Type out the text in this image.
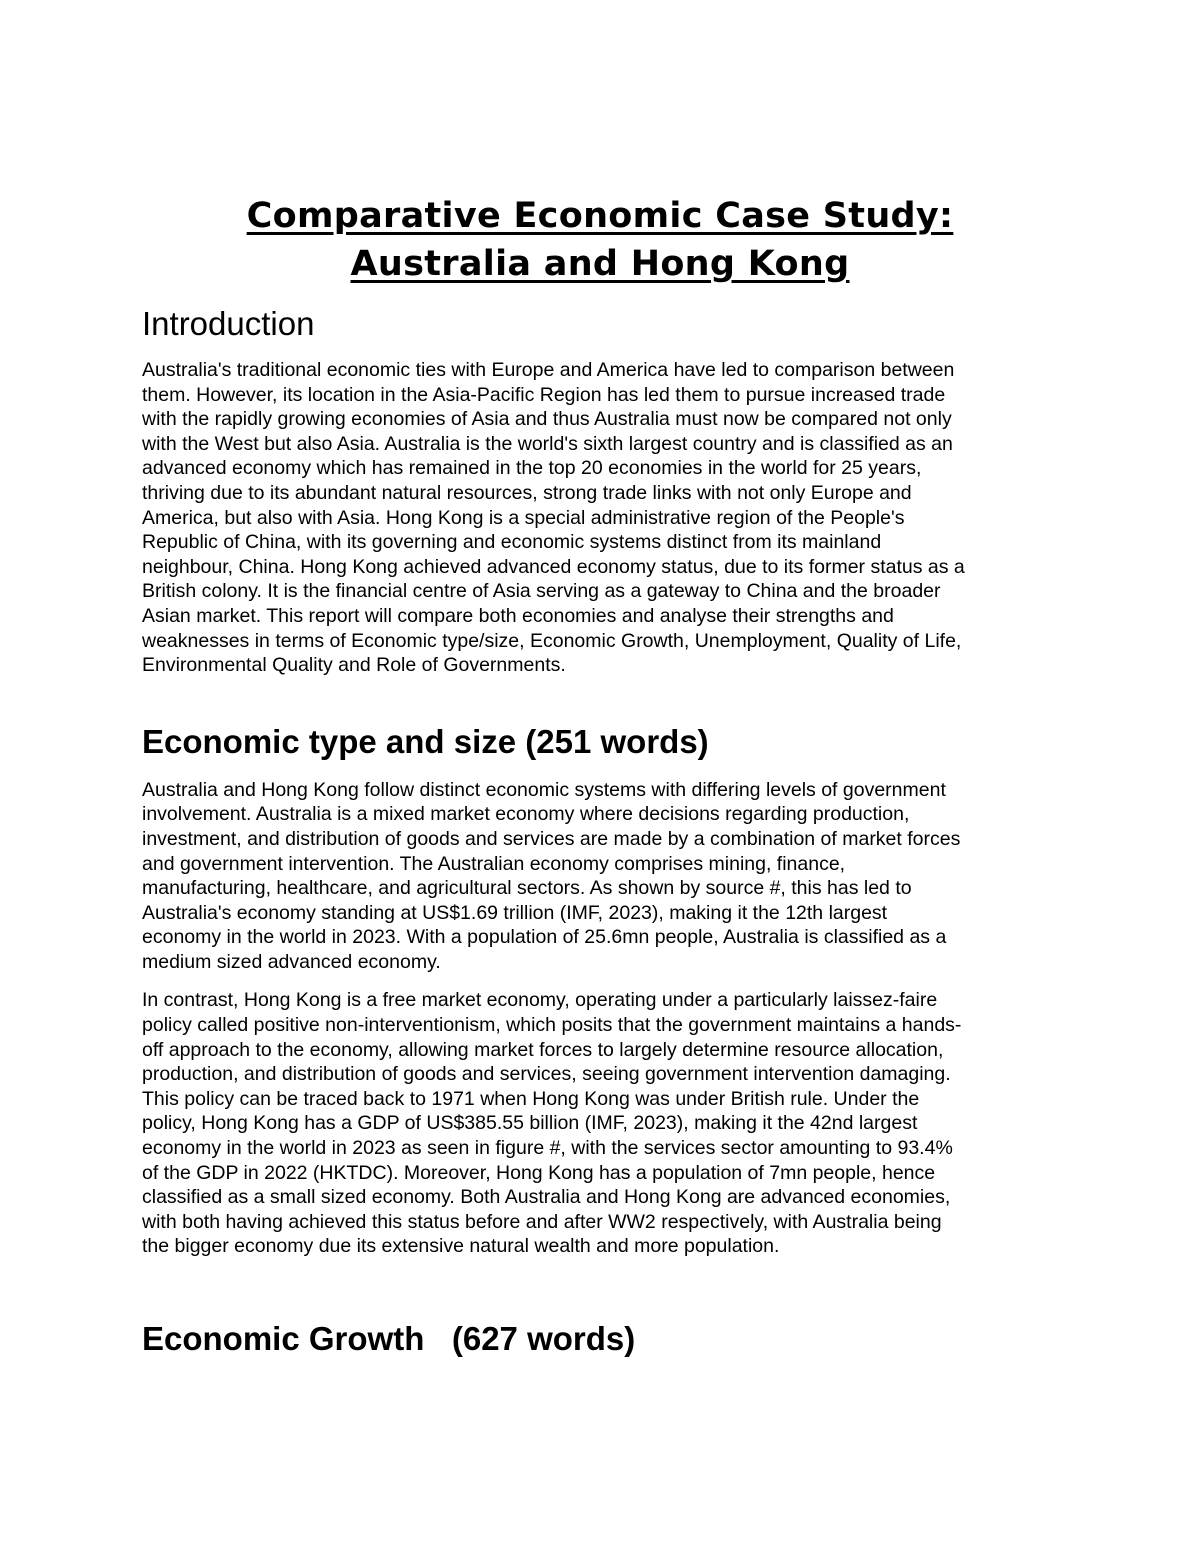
Comparative Economic Case Study:
Australia and Hong Kong
Introduction

Australia's traditional economic ties with Europe and America have led to comparison between
them. However, its location in the Asia-Pacific Region has led them to pursue increased trade
with the rapidly growing economies of Asia and thus Australia must now be compared not only
with the West but also Asia. Australia is the world's sixth largest country and is classified as an
advanced economy which has remained in the top 20 economies in the world for 25 years,
thriving due to its abundant natural resources, strong trade links with not only Europe and
America, but also with Asia. Hong Kong is a special administrative region of the People's
Republic of China, with its governing and economic systems distinct from its mainland
neighbour, China. Hong Kong achieved advanced economy status, due to its former status as a
British colony. It is the financial centre of Asia serving as a gateway to China and the broader
Asian market. This report will compare both economies and analyse their strengths and
weaknesses in terms of Economic type/size, Economic Growth, Unemployment, Quality of Life,
Environmental Quality and Role of Governments.

Economic type and size (251 words)

Australia and Hong Kong follow distinct economic systems with differing levels of government
involvement. Australia is a mixed market economy where decisions regarding production,
investment, and distribution of goods and services are made by a combination of market forces
and government intervention. The Australian economy comprises mining, finance,
manufacturing, healthcare, and agricultural sectors. As shown by source #, this has led to
Australia's economy standing at US$1.69 trillion (IMF, 2023), making it the 12th largest
economy in the world in 2023. With a population of 25.6mn people, Australia is classified as a
medium sized advanced economy.

In contrast, Hong Kong is a free market economy, operating under a particularly laissez-faire
policy called positive non-interventionism, which posits that the government maintains a hands-
off approach to the economy, allowing market forces to largely determine resource allocation,
production, and distribution of goods and services, seeing government intervention damaging.
This policy can be traced back to 1971 when Hong Kong was under British rule. Under the
policy, Hong Kong has a GDP of US$385.55 billion (IMF, 2023), making it the 42nd largest
economy in the world in 2023 as seen in figure #, with the services sector amounting to 93.4%
of the GDP in 2022 (HKTDC). Moreover, Hong Kong has a population of 7mn people, hence
classified as a small sized economy. Both Australia and Hong Kong are advanced economies,
with both having achieved this status before and after WW2 respectively, with Australia being
the bigger economy due its extensive natural wealth and more population.

Economic Growth   (627 words)
